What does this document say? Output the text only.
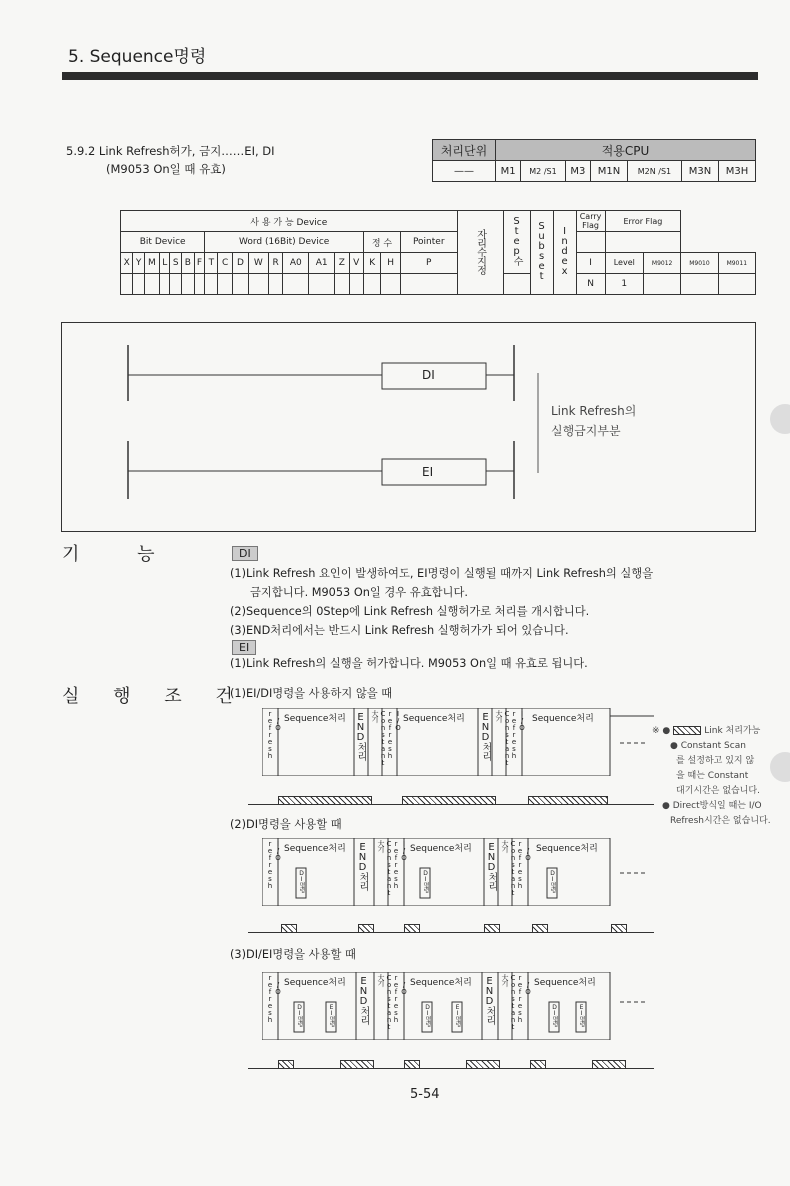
5. Sequence명령
5.9.2 Link Refresh허가, 금지……EI, DI
(M9053 On일 때 유효)
처리단위	적용CPU						
——	M1	M2 /S1	M3	M1N	M2N /S1	M3N	M3H
사 용 가 능 Device																			자리수지정	Step수	Subset	Index	Carry Flag	Error Flag			
Bit Device							Word (16Bit) Device									정 수		Pointer									
X	Y	M	L	S	B	F	T	C	D	W	R	A0	A1	Z	V	K	H	P					I	Level	M9012	M9010	M9011
																							N	1			
DI
EI
Link Refresh의
실행금지부분
기 능	DI
(1)Link Refresh 요인이 발생하여도, EI명령이 실행될 때까지 Link Refresh의 실행을
금지합니다. M9053 On일 경우 유효합니다.
(2)Sequence의 0Step에 Link Refresh 실행허가로 처리를 개시합니다.
(3)END처리에서는 반드시 Link Refresh 실행허가가 되어 있습니다.
EI
(1)Link Refresh의 실행을 허가합니다. M9053 On일 때 유효로 됩니다.
실 행 조 건
(1)EI/DI명령을 사용하지 않을 때
I/O refresh	Sequence처리 END처리	Constant 大기	I/O refresh	Sequence처리 END처리	Constant 大기	I/O refresh	Sequence처리
※ ●	Link 처리가능
● Constant Scan
를 설정하고 있지 않
을 때는 Constant
대기시간은 없습니다.
● Direct방식일 때는 I/O
Refresh시간은 없습니다.
(2)DI명령을 사용할 때
I/O refresh	Sequence처리
DI명령	END처리	Constant 大기	I/O refresh	Sequence처리
DI명령	END처리	Constant 大기	I/O refresh	Sequence처리
DI명령
(3)DI/EI명령을 사용할 때
I/O refresh	Sequence처리
DI명령	EI명령 END처리	Constant 大기	I/O refresh	Sequence처리
DI명령	EI명령 END처리	Constant 大기	I/O refresh	Sequence처리
DI명령	EI명령
5-54
